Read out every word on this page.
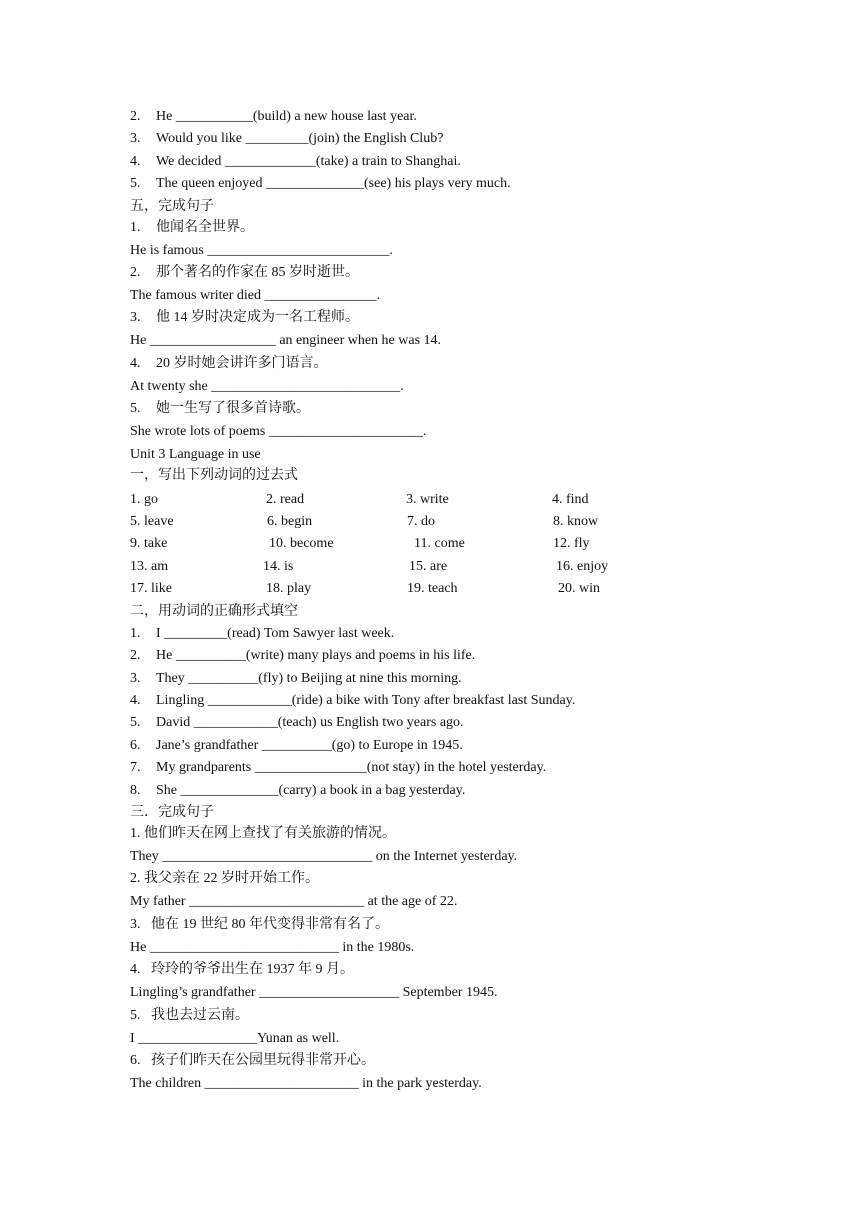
2. He ___________(build) a new house last year.
3. Would you like _________(join) the English Club?
4. We decided _____________(take) a train to Shanghai.
5. The queen enjoyed ______________(see) his plays very much.
五，完成句子
1. 他闻名全世界。
He is famous __________________________.
2. 那个著名的作家在 85 岁时逝世。
The famous writer died ________________.
3. 他 14 岁时决定成为一名工程师。
He __________________ an engineer when he was 14.
4. 20 岁时她会讲许多门语言。
At twenty she ___________________________.
5. 她一生写了很多首诗歌。
She wrote lots of poems ______________________.
Unit 3 Language in use
一，写出下列动词的过去式
1. go	2. read	3. write	4. find
5. leave	6. begin	7. do	8. know
9. take	10. become	11. come	12. fly
13. am	14. is	15. are	16. enjoy
17. like	18. play	19. teach	20. win
二，用动词的正确形式填空
1. I _________(read) Tom Sawyer last week.
2. He __________(write) many plays and poems in his life.
3. They __________(fly) to Beijing at nine this morning.
4. Lingling ____________(ride) a bike with Tony after breakfast last Sunday.
5. David ____________(teach) us English two years ago.
6. Jane’s grandfather __________(go) to Europe in 1945.
7. My grandparents ________________(not stay) in the hotel yesterday.
8. She ______________(carry) a book in a bag yesterday.
三．完成句子
1. 他们昨天在网上查找了有关旅游的情况。
They ______________________________ on the Internet yesterday.
2. 我父亲在 22 岁时开始工作。
My father _________________________ at the age of 22.
3.   他在 19 世纪 80 年代变得非常有名了。
He ___________________________ in the 1980s.
4.   玲玲的爷爷出生在 1937 年 9 月。
Lingling’s grandfather ____________________ September 1945.
5.   我也去过云南。
I _________________Yunan as well.
6.   孩子们昨天在公园里玩得非常开心。
The children ______________________ in the park yesterday.
